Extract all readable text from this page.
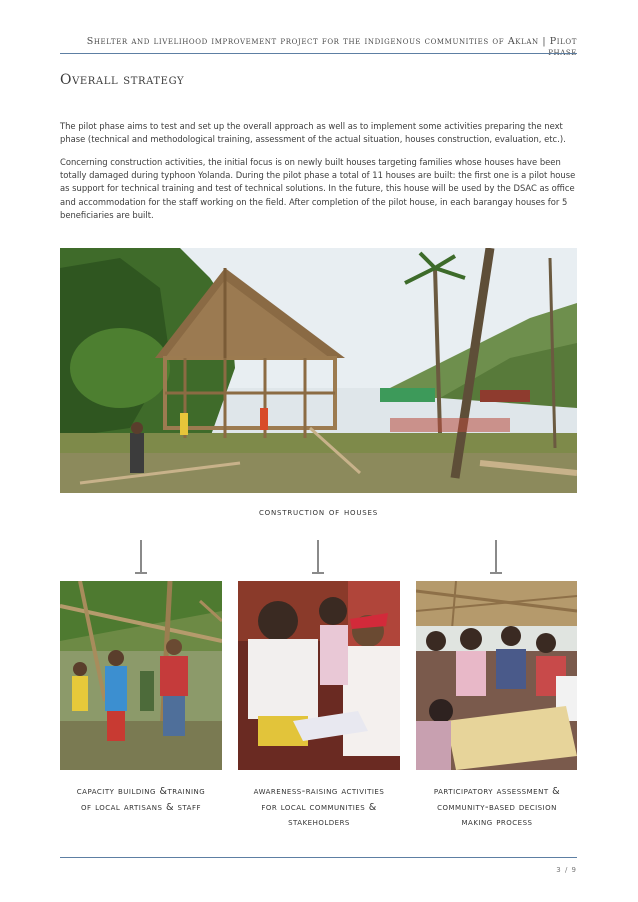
Shelter and livelihood improvement project for the indigenous communities of Aklan | Pilot
Overall strategy
The pilot phase aims to test and set up the overall approach as well as to implement some activities preparing the next phase (technical and methodological training, assessment of the actual situation, houses construction, evaluation, etc.).
Concerning construction activities, the initial focus is on newly built houses targeting families whose houses have been totally damaged during typhoon Yolanda. During the pilot phase a total of 11 houses are built: the first one is a pilot house as support for technical training and test of technical solutions. In the future, this house will be used by the DSAC as office and accommodation for the staff working on the field. After completion of the pilot house, in each barangay houses for 5 beneficiaries are built.
construction of houses
capacity building &training
of local artisans & staff
awareness-raising activities
for local communities &
stakeholders
participatory assessment &
community-based decision
making process
3 / 9
